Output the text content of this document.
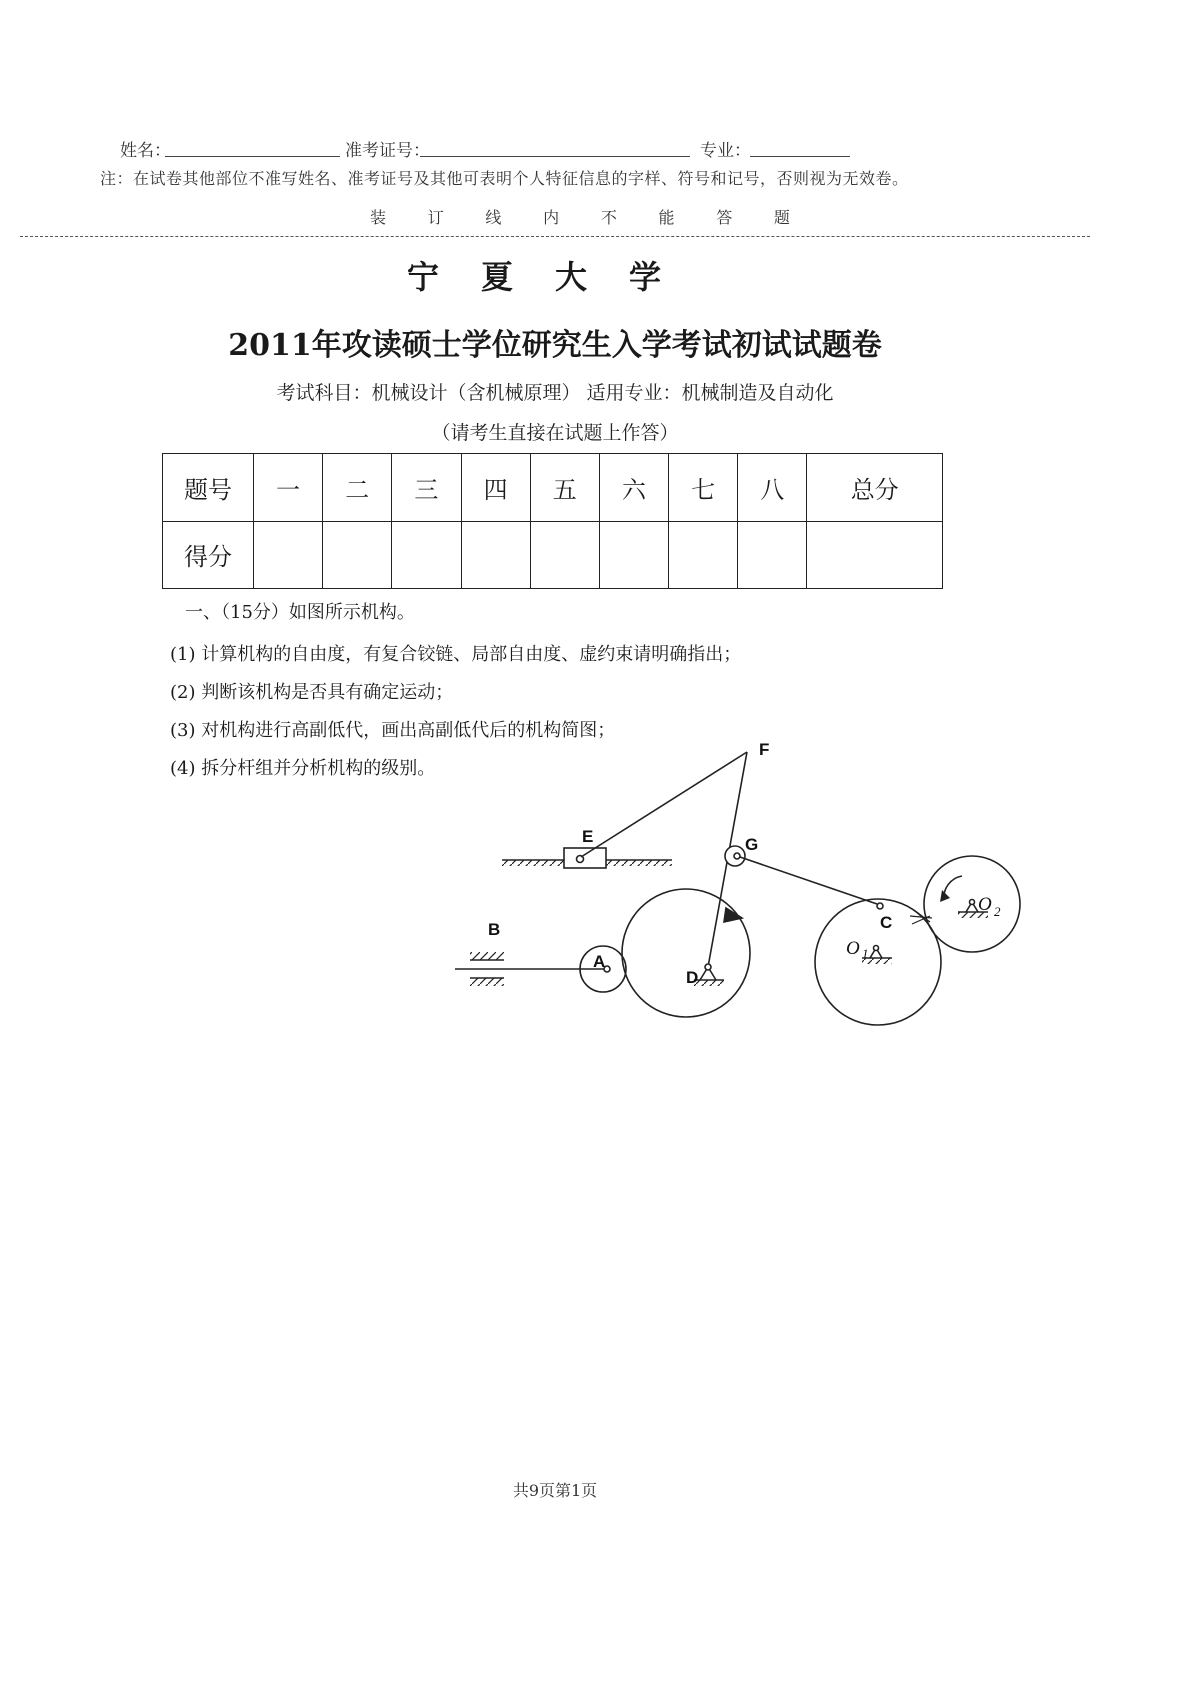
姓名：	准考证号：	专业：
注：在试卷其他部位不准写姓名、准考证号及其他可表明个人特征信息的字样、符号和记号，否则视为无效卷。
装	订	线	内	不	能	答	题
宁夏大学
2011年攻读硕士学位研究生入学考试初试试题卷
考试科目：机械设计（含机械原理） 适用专业：机械制造及自动化
（请考生直接在试题上作答）
题号	一	二	三	四	五	六	七	八	总分
得分									
一、（15分）如图所示机构。
(1) 计算机构的自由度，有复合铰链、局部自由度、虚约束请明确指出；
(2) 判断该机构是否具有确定运动；
(3) 对机构进行高副低代，画出高副低代后的机构简图；
(4) 拆分杆组并分析机构的级别。
E
F
G
B
A
D
C
O 1
O 2
共9页第1页
